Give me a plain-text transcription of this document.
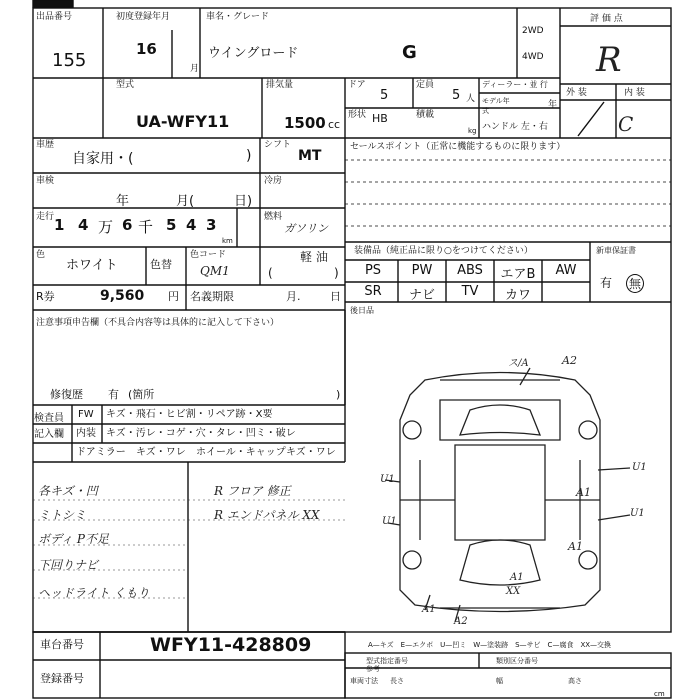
出品番号
155
初度登録年月
16
月
車名・グレード
ウイングロード	G
2WD
4WD
評 価 点
R
外 装	内 装
C
型式
UA-WFY11
排気量
1500 cc
ドア
5
定員
5 人
ディーラー・並 行
モデル年式
年
形状 HB	積載
kg ハンドル 左・右
車歴
自家用・(	)
シフト
MT
セールスポイント（正常に機能するものに限ります）
車検
年	月(	日)
冷房
走行 1 4 万 6 千 5 4 3
km
燃料
ガソリン
色
ホワイト	色替
色コード
QM1
軽 油
(	)
R券	9,560 円 名義期限	月.	日
装備品（純正品に限り○をつけてください）
PS	PW	ABS	エアB	AW
SR	ナビ	TV	カワ
新車保証書
有 無
注意事項申告欄（不具合内容等は具体的に記入して下さい）
後日品
修復歴 有 (箇所	)
検査員
記入欄
FW キズ・飛石・ヒビ割・リペア跡・X要
内装 キズ・汚レ・コゲ・穴・タレ・凹ミ・破レ
ドアミラー キズ・ワレ ホイール・キャップ キズ・ワレ
各キズ・凹
ミトシミ
ボディ P不足
下回りナビ
ヘッドライト くもり
R フロア 修正
R エンドパネル XX
ス/A	A2
U1
U1
U1
U1
A1
A1
A1
XX
A1
A2
車台番号	WFY11-428809
登録番号
A—キズ　E—エクボ　U—凹ミ　W—塗装跡　S—サビ　C—腐食　XX—交換
型式指定番号	類別区分番号
参考
車両寸法 長さ	幅	高さ
cm
